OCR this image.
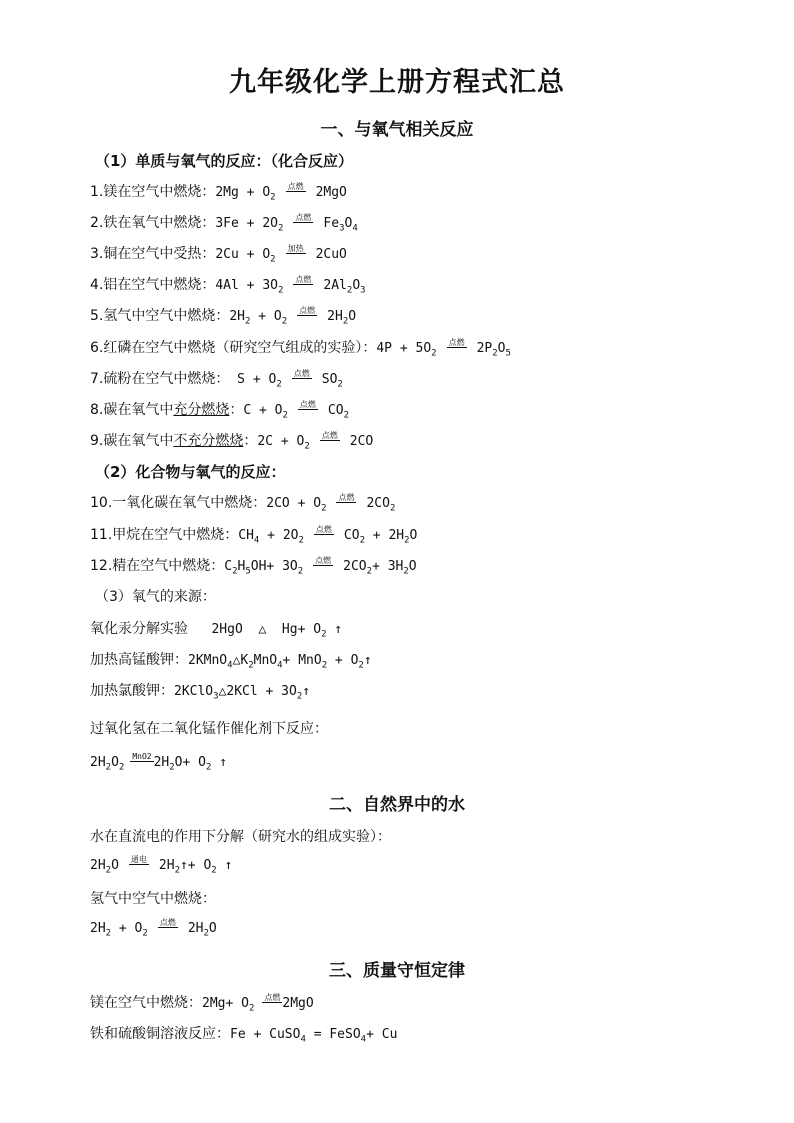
九年级化学上册方程式汇总
一、与氧气相关反应
（1）单质与氧气的反应：（化合反应）
1.镁在空气中燃烧：$2Mg + O_2$点燃 2MgO
2.铁在氧气中燃烧：$3Fe + 2O_2$点燃 $Fe_3O_4$
3.铜在空气中受热：$2Cu + O_2$加热 2CuO
4.铝在空气中燃烧：$4Al + 3O_2$点燃 $2Al_2O_3$
5.氢气中空气中燃烧：$2H_2 + O_2$点燃 $2H_2O$
6.红磷在空气中燃烧（研究空气组成的实验）：$4P + 5O_2$点燃 $2P_2O_5$
7.硫粉在空气中燃烧： $S + O_2$点燃 $SO_2$
8.碳在氧气中充分燃烧：$C + O_2$点燃 $CO_2$
9.碳在氧气中不充分燃烧：$2C + O_2$点燃 2CO
（2）化合物与氧气的反应：
10.一氧化碳在氧气中燃烧：$2CO + O_2$点燃 $2CO_2$
11.甲烷在空气中燃烧：$CH_4 + 2O_2$点燃 $CO_2 + 2H_2O$
12.精在空气中燃烧：$C_2H_5OH+ 3O_2$点燃 $2CO_2+ 3H_2O$
（3）氧气的来源：
氧化汞分解实验   2HgO  △  $Hg+ O_2$ ↑
加热高锰酸钾：$2KMnO_4\triangle K_2MnO_4+ MnO_2$ + $O_2↑$
加热氯酸钾：2KClO$_3$△2KCl + $3O_2↑$
过氧化氢在二氧化锰作催化剂下反应：
$2H_2O_2MnO2$ $2H_2O+ O_2$ ↑
二、自然界中的水
水在直流电的作用下分解（研究水的组成实验）：
$2H_2O$ 通电 $2H_2↑+ O_2$ ↑
氢气中空气中燃烧：
$2H_2 + O_2$点燃 $2H_2O$
三、质量守恒定律
镁在空气中燃烧：$2Mg+ O_2$点燃 2MgO
铁和硫酸铜溶液反应：Fe + CuSO$_4$ = FeSO$_4$+ Cu
